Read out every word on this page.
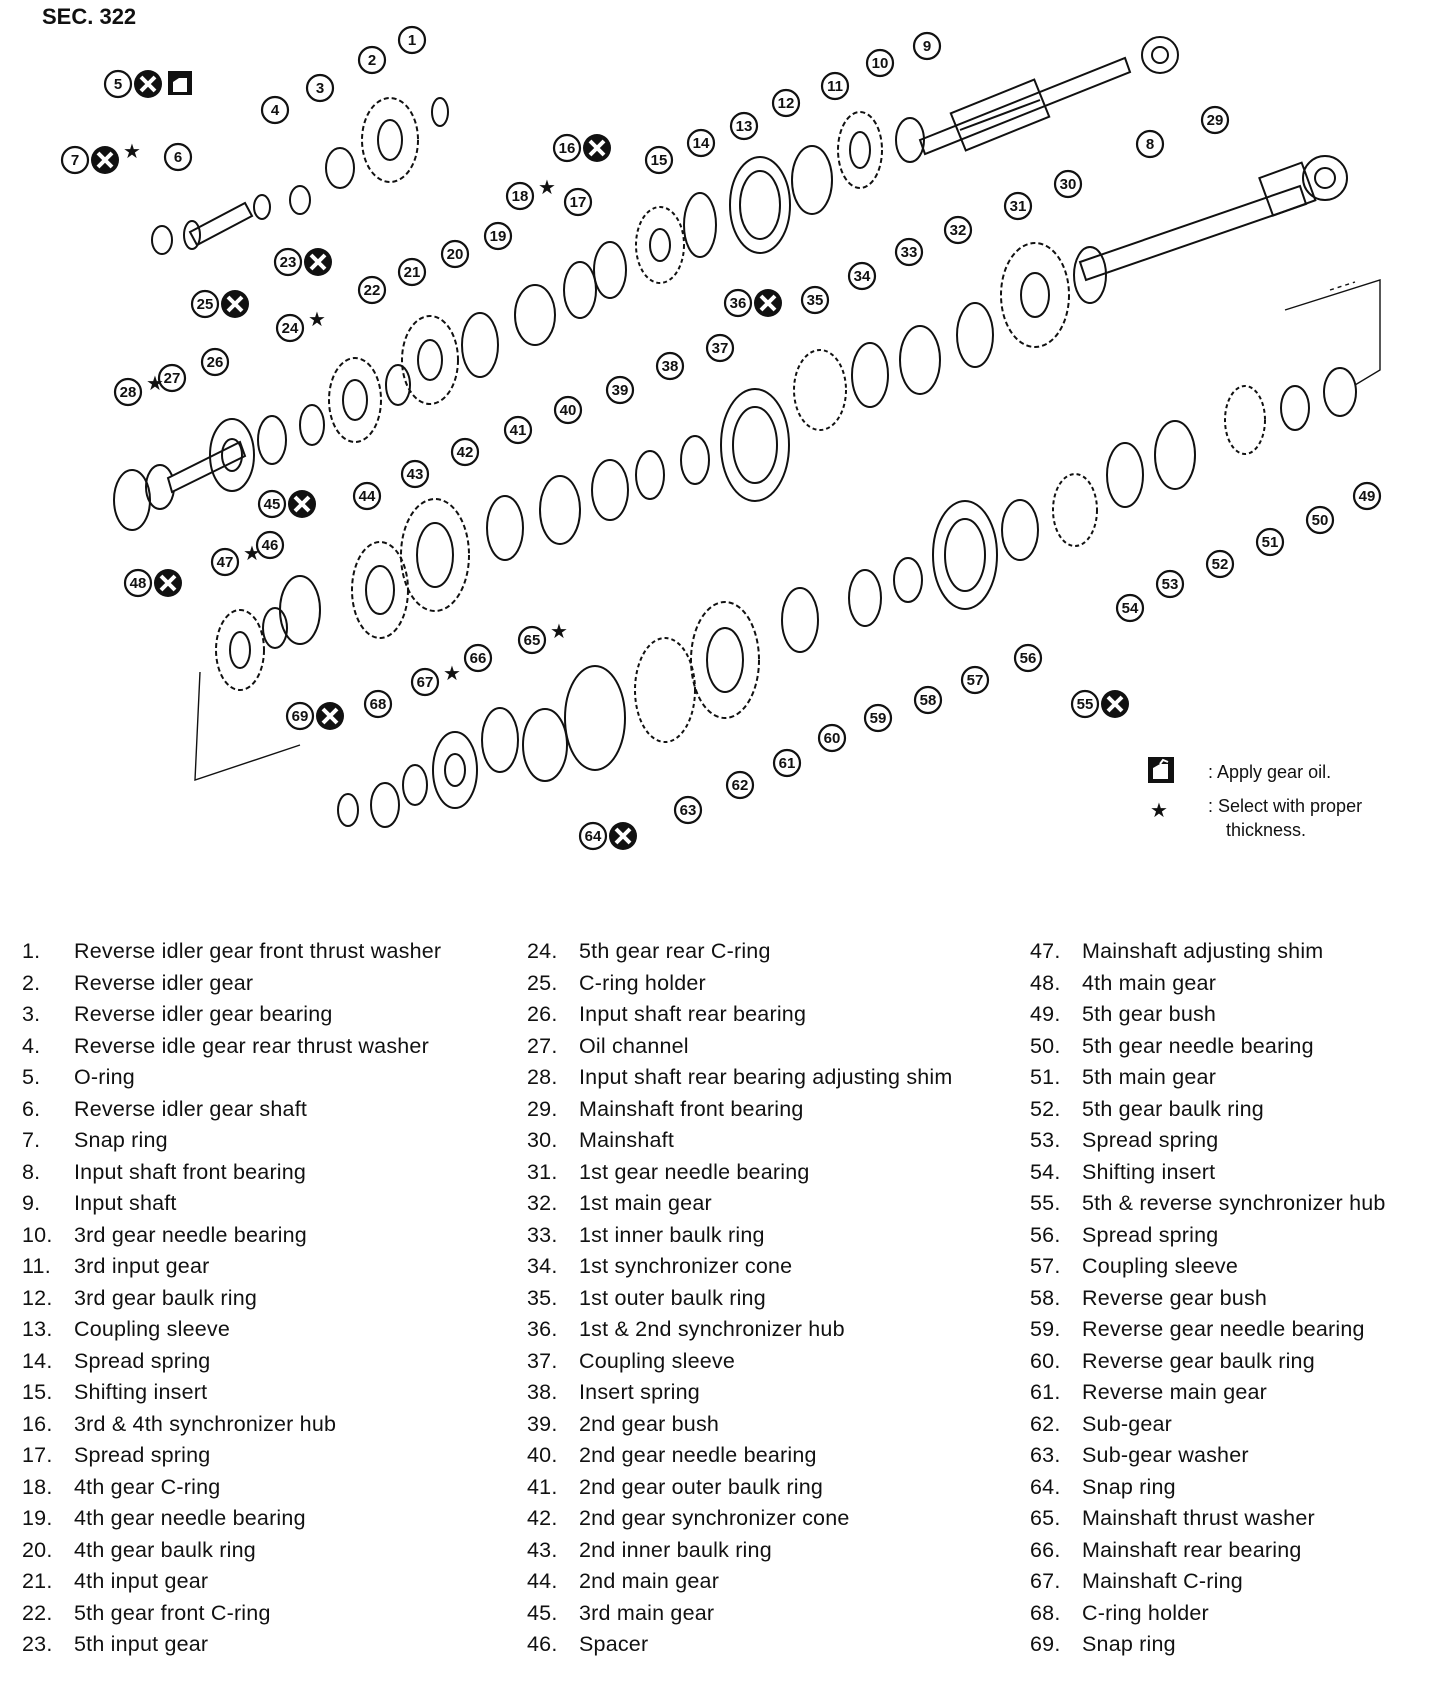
SEC. 322
1
2
3
4
5
6
7 ★	8
9
10
11
12
13
14
15
16
17
18 ★
19
20
21
22
23
24 ★
25
26
27
28 ★
29
30
31
32
33
34
35
36
37
38
39
40
41
42
43
44
45
46
47 ★
48
49
50
51
52
53
54
55
56
57
58
59
60
61
62
63
64
65 ★
66
67 ★
68
69
: Apply gear oil.
★ : Select with proper
thickness.
1.	Reverse idler gear front thrust washer
2.	Reverse idler gear
3.	Reverse idler gear bearing
4.	Reverse idle gear rear thrust washer
5.	O-ring
6.	Reverse idler gear shaft
7.	Snap ring
8.	Input shaft front bearing
9.	Input shaft
10.	3rd gear needle bearing
11.	3rd input gear
12.	3rd gear baulk ring
13.	Coupling sleeve
14.	Spread spring
15.	Shifting insert
16.	3rd & 4th synchronizer hub
17.	Spread spring
18.	4th gear C-ring
19.	4th gear needle bearing
20.	4th gear baulk ring
21.	4th input gear
22.	5th gear front C-ring
23.	5th input gear
24.	5th gear rear C-ring
25.	C-ring holder
26.	Input shaft rear bearing
27.	Oil channel
28.	Input shaft rear bearing adjusting shim
29.	Mainshaft front bearing
30.	Mainshaft
31.	1st gear needle bearing
32.	1st main gear
33.	1st inner baulk ring
34.	1st synchronizer cone
35.	1st outer baulk ring
36.	1st & 2nd synchronizer hub
37.	Coupling sleeve
38.	Insert spring
39.	2nd gear bush
40.	2nd gear needle bearing
41.	2nd gear outer baulk ring
42.	2nd gear synchronizer cone
43.	2nd inner baulk ring
44.	2nd main gear
45.	3rd main gear
46.	Spacer
47.	Mainshaft adjusting shim
48.	4th main gear
49.	5th gear bush
50.	5th gear needle bearing
51.	5th main gear
52.	5th gear baulk ring
53.	Spread spring
54.	Shifting insert
55.	5th & reverse synchronizer hub
56.	Spread spring
57.	Coupling sleeve
58.	Reverse gear bush
59.	Reverse gear needle bearing
60.	Reverse gear baulk ring
61.	Reverse main gear
62.	Sub-gear
63.	Sub-gear washer
64.	Snap ring
65.	Mainshaft thrust washer
66.	Mainshaft rear bearing
67.	Mainshaft C-ring
68.	C-ring holder
69.	Snap ring
